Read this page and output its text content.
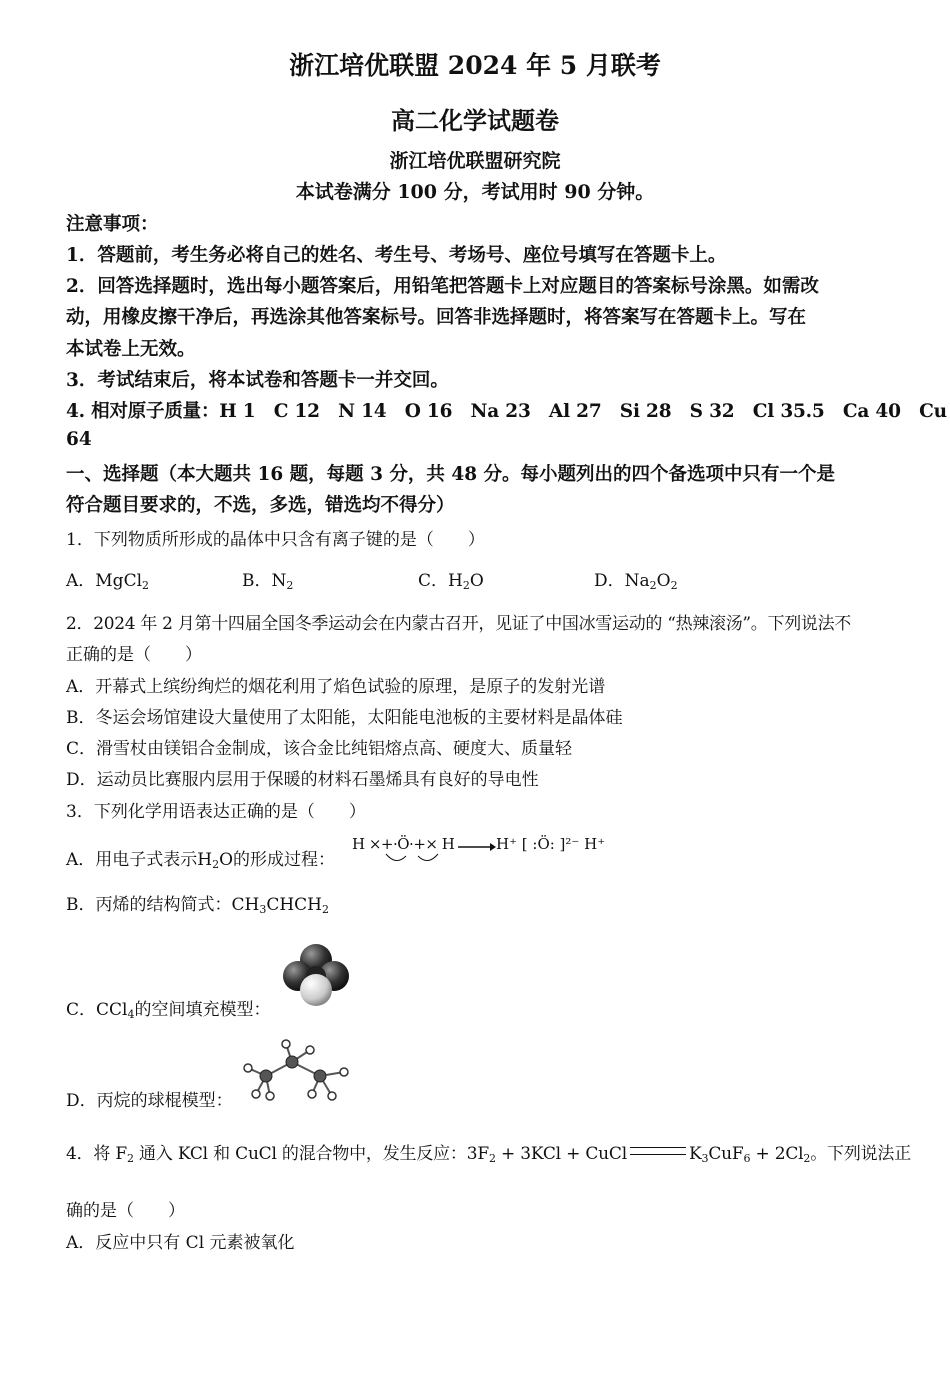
浙江培优联盟 2024 年 5 月联考
高二化学试题卷
浙江培优联盟研究院
本试卷满分 100 分，考试用时 90 分钟。
注意事项：
1．答题前，考生务必将自己的姓名、考生号、考场号、座位号填写在答题卡上。
2．回答选择题时，选出每小题答案后，用铅笔把答题卡上对应题目的答案标号涂黑。如需改
动，用橡皮擦干净后，再选涂其他答案标号。回答非选择题时，将答案写在答题卡上。写在
本试卷上无效。
3．考试结束后，将本试卷和答题卡一并交回。
4. 相对原子质量：H 1　C 12　N 14　O 16　Na 23　Al 27　Si 28　S 32　Cl 35.5　Ca 40　Cu
64
一、选择题（本大题共 16 题，每题 3 分，共 48 分。每小题列出的四个备选项中只有一个是
符合题目要求的，不选，多选，错选均不得分）
1．下列物质所形成的晶体中只含有离子键的是（　　）
A．MgCl$_2$	B．$N_2$	C．$H_2O$	D．$Na_2O_2$
2．2024 年 2 月第十四届全国冬季运动会在内蒙古召开，见证了中国冰雪运动的 “热辣滚汤”。下列说法不
正确的是（　　）
A．开幕式上缤纷绚烂的烟花利用了焰色试验的原理，是原子的发射光谱
B．冬运会场馆建设大量使用了太阳能，太阳能电池板的主要材料是晶体硅
C．滑雪杖由镁铝合金制成，该合金比纯铝熔点高、硬度大、质量轻
D．运动员比赛服内层用于保暖的材料石墨烯具有良好的导电性
3．下列化学用语表达正确的是（　　）
A．用电子式表示$H_2O$的形成过程：
H ×+·Ö·+× H → H⁺ [ :Ö: ]²⁻ H⁺
B．丙烯的结构简式：$CH_3CHCH_2$
C．CCl$_4$的空间填充模型：
D．丙烷的球棍模型：
4．将 $F_2$ 通入 KCl 和 CuCl 的混合物中，发生反应：$3F_2 + 3KCl$ + CuCl	$K_3CuF_6 + 2Cl_2$。下列说法正
确的是（　　）
A．反应中只有 Cl 元素被氧化
